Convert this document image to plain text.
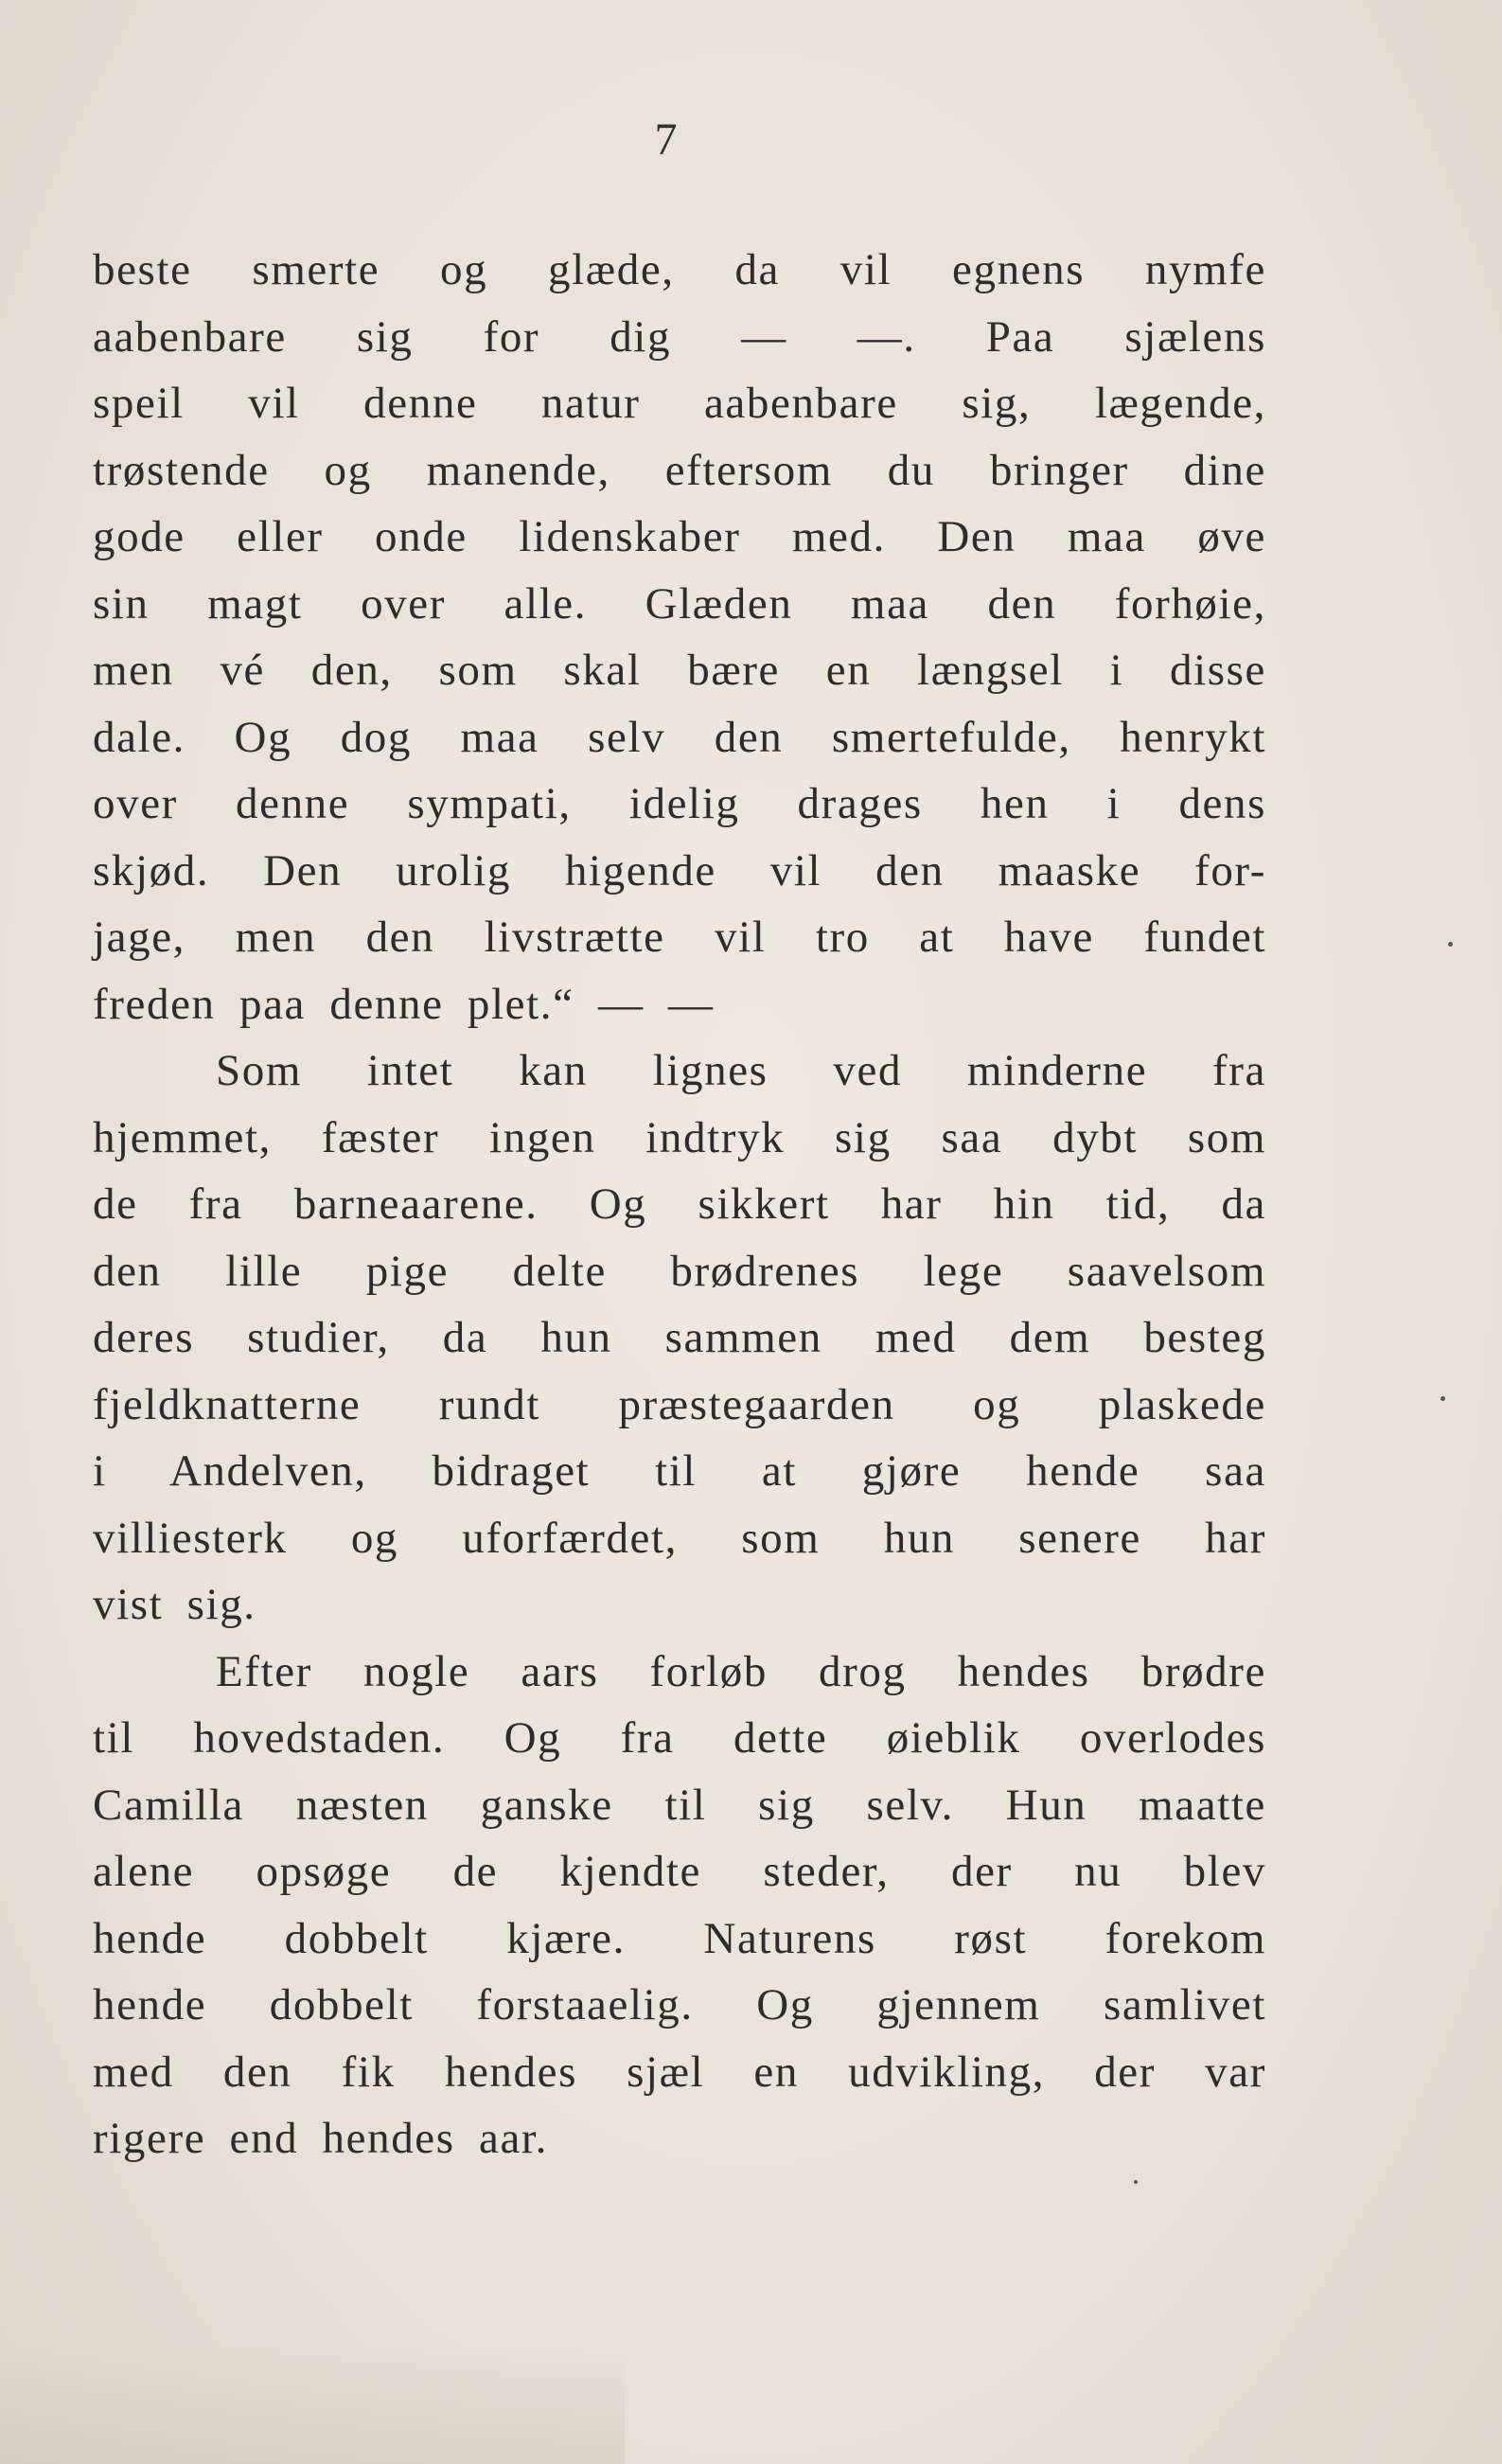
7
beste smerte og glæde, da vil egnens nymfe
aabenbare sig for dig — —. Paa sjælens
speil vil denne natur aabenbare sig, lægende,
trøstende og manende, eftersom du bringer dine
gode eller onde lidenskaber med. Den maa øve
sin magt over alle. Glæden maa den forhøie,
men vé den, som skal bære en længsel i disse
dale. Og dog maa selv den smertefulde, henrykt
over denne sympati, idelig drages hen i dens
skjød. Den urolig higende vil den maaske for-
jage, men den livstrætte vil tro at have fundet
freden paa denne plet.“ — —
Som intet kan lignes ved minderne fra
hjemmet, fæster ingen indtryk sig saa dybt som
de fra barneaarene. Og sikkert har hin tid, da
den lille pige delte brødrenes lege saavelsom
deres studier, da hun sammen med dem besteg
fjeldknatterne rundt præstegaarden og plaskede
i Andelven, bidraget til at gjøre hende saa
villiesterk og uforfærdet, som hun senere har
vist sig.
Efter nogle aars forløb drog hendes brødre
til hovedstaden. Og fra dette øieblik overlodes
Camilla næsten ganske til sig selv. Hun maatte
alene opsøge de kjendte steder, der nu blev
hende dobbelt kjære. Naturens røst forekom
hende dobbelt forstaaelig. Og gjennem samlivet
med den fik hendes sjæl en udvikling, der var
rigere end hendes aar.
